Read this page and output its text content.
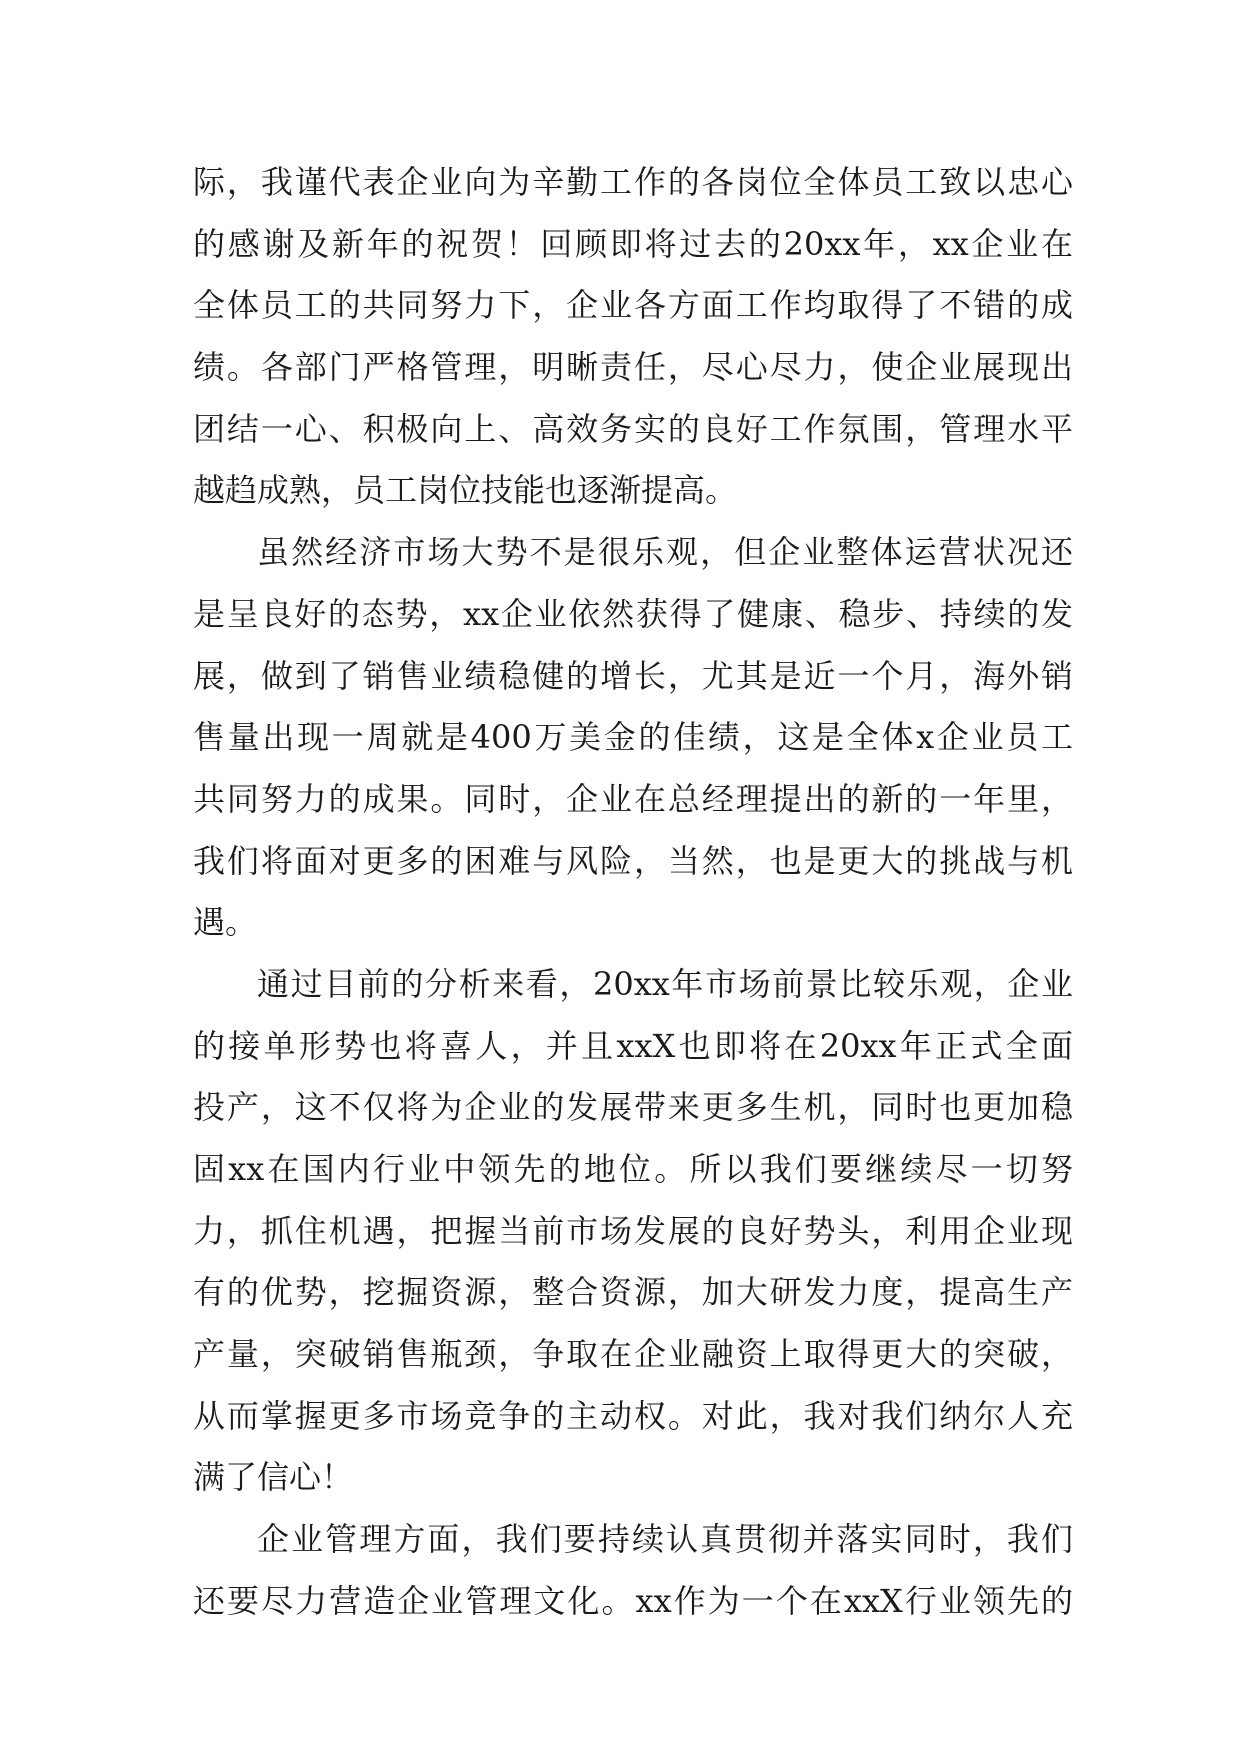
际，我谨代表企业向为辛勤工作的各岗位全体员工致以忠心
的感谢及新年的祝贺！回顾即将过去的20xx年，xx企业在
全体员工的共同努力下，企业各方面工作均取得了不错的成
绩。各部门严格管理，明晰责任，尽心尽力，使企业展现出
团结一心、积极向上、高效务实的良好工作氛围，管理水平
越趋成熟，员工岗位技能也逐渐提高。
虽然经济市场大势不是很乐观，但企业整体运营状况还
是呈良好的态势，xx企业依然获得了健康、稳步、持续的发
展，做到了销售业绩稳健的增长，尤其是近一个月，海外销
售量出现一周就是400万美金的佳绩，这是全体x企业员工
共同努力的成果。同时，企业在总经理提出的新的一年里，
我们将面对更多的困难与风险，当然，也是更大的挑战与机
遇。
通过目前的分析来看，20xx年市场前景比较乐观，企业
的接单形势也将喜人，并且xxX也即将在20xx年正式全面
投产，这不仅将为企业的发展带来更多生机，同时也更加稳
固xx在国内行业中领先的地位。所以我们要继续尽一切努
力，抓住机遇，把握当前市场发展的良好势头，利用企业现
有的优势，挖掘资源，整合资源，加大研发力度，提高生产
产量，突破销售瓶颈，争取在企业融资上取得更大的突破，
从而掌握更多市场竞争的主动权。对此，我对我们纳尔人充
满了信心！
企业管理方面，我们要持续认真贯彻并落实同时，我们
还要尽力营造企业管理文化。xx作为一个在xxX行业领先的
